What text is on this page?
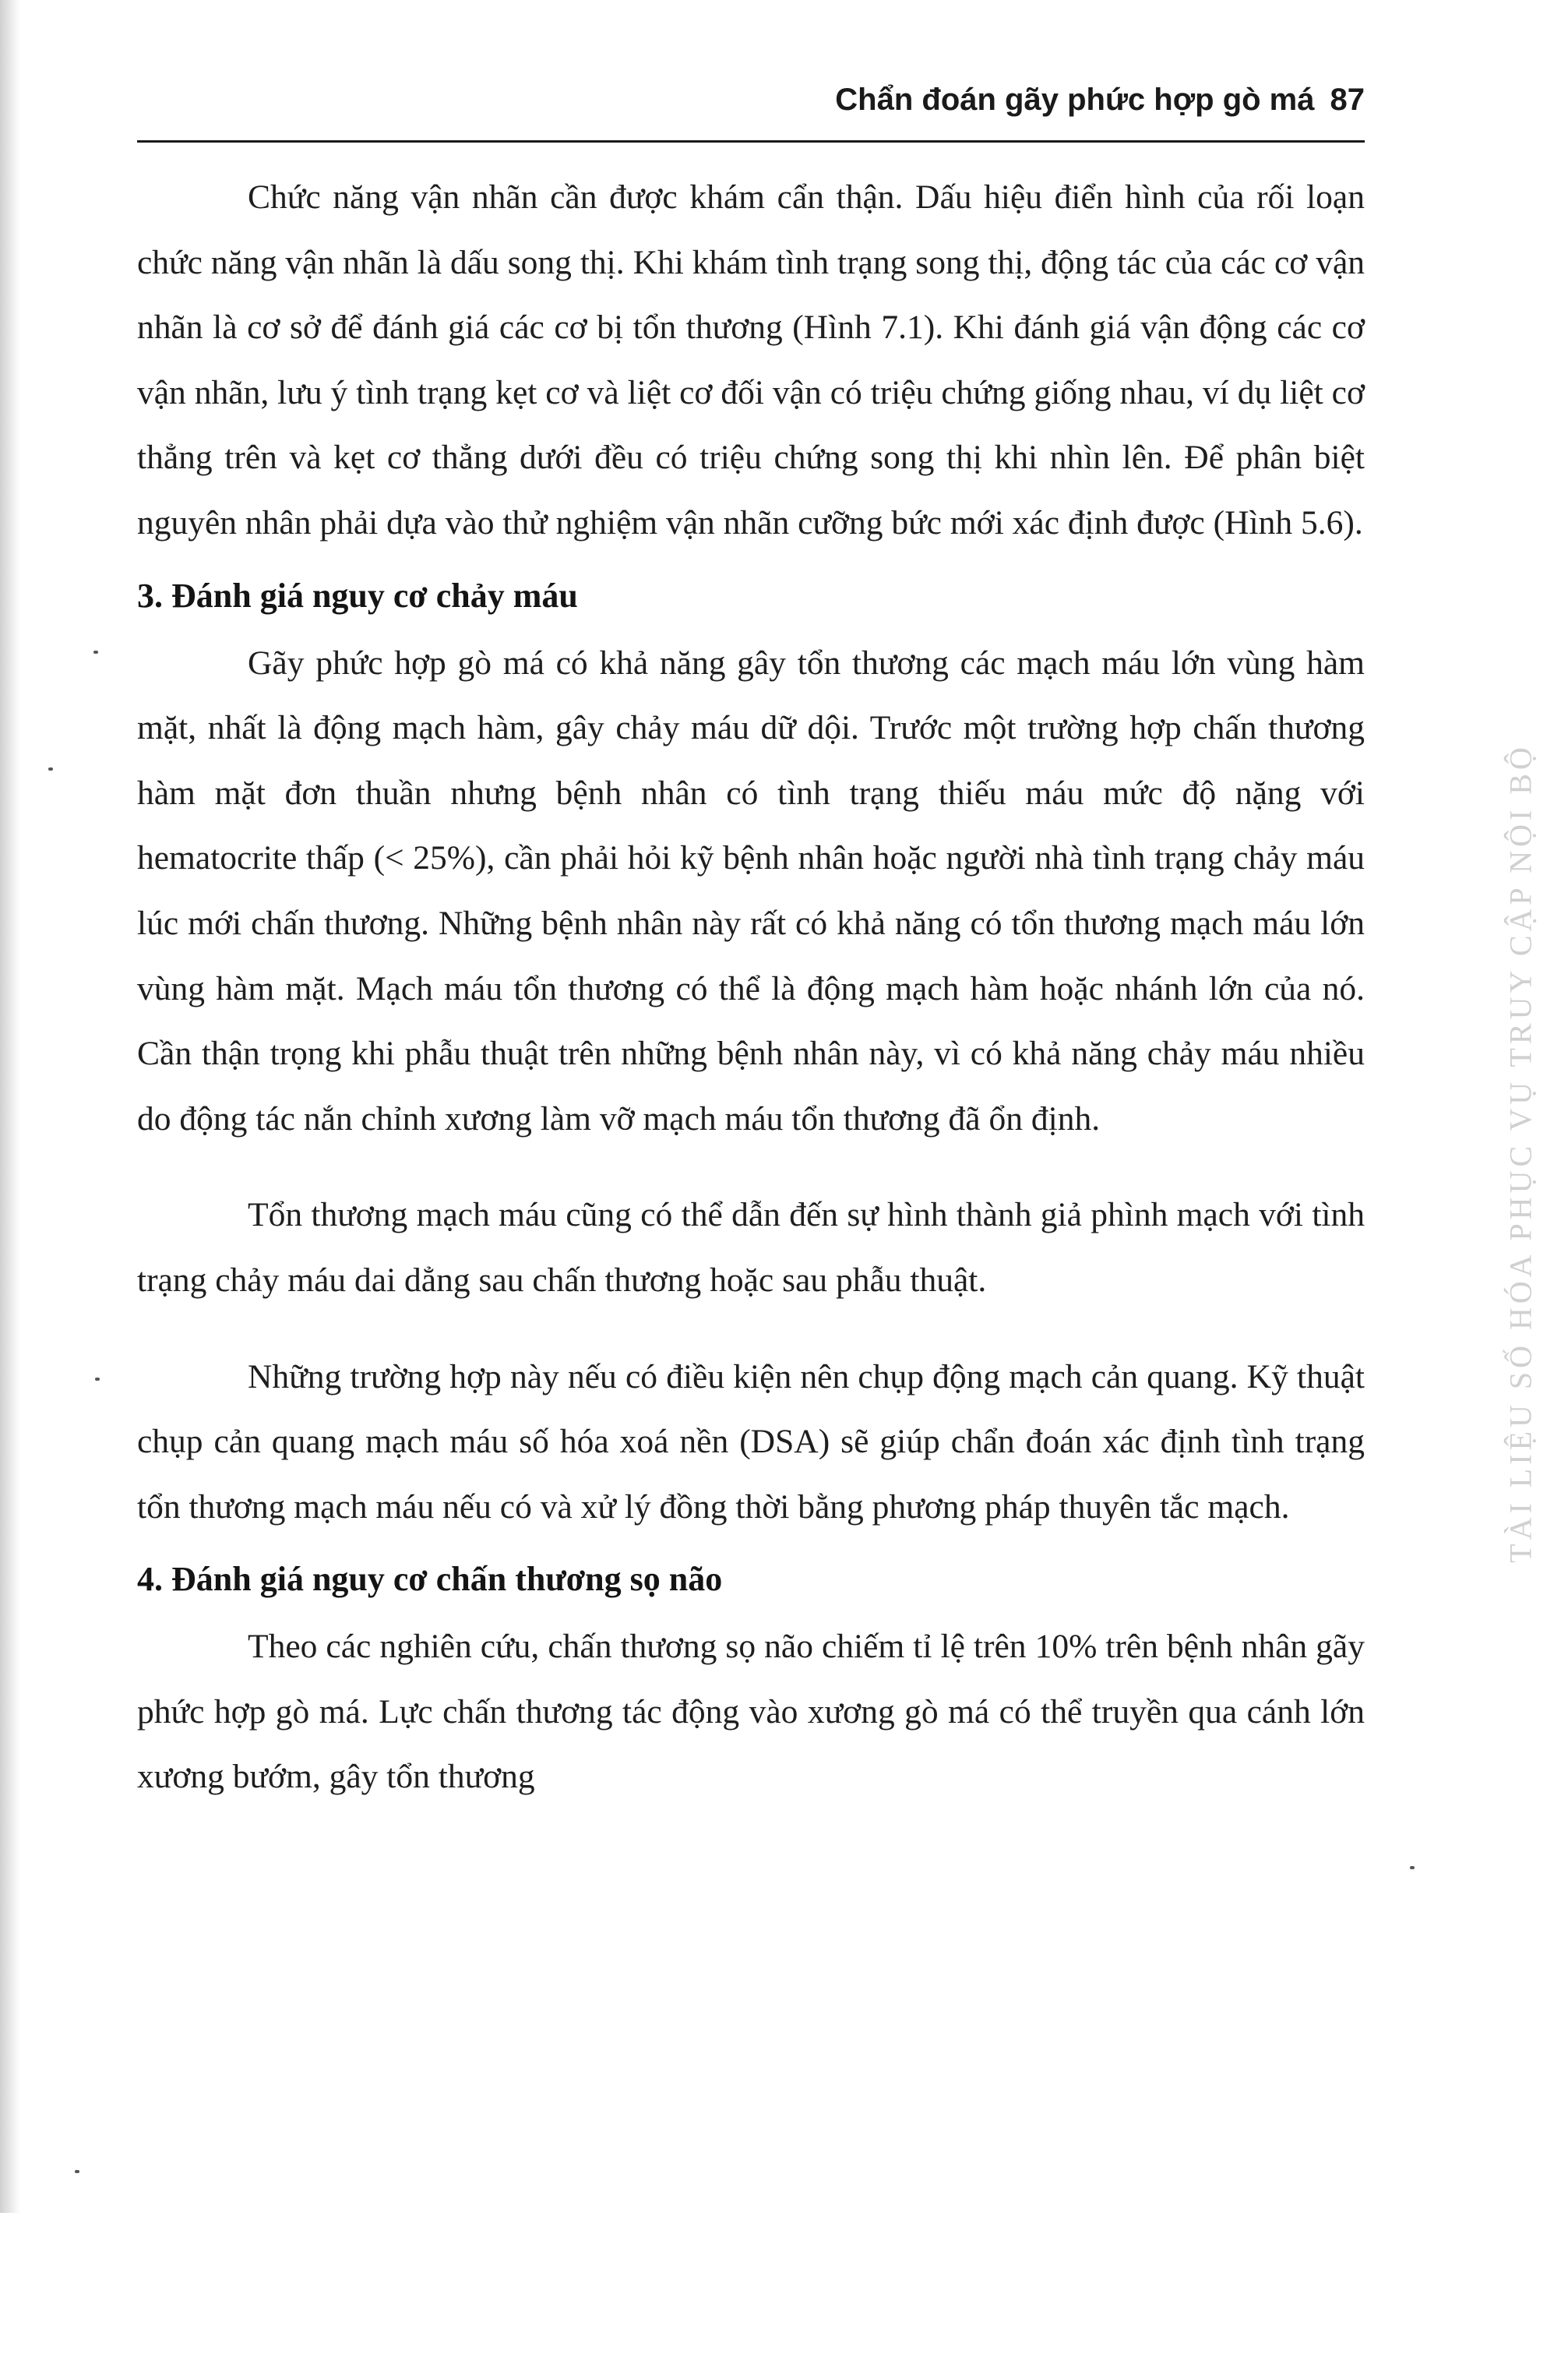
Chẩn đoán gãy phức hợp gò má 87

Chức năng vận nhãn cần được khám cẩn thận. Dấu hiệu điển hình của rối loạn chức năng vận nhãn là dấu song thị. Khi khám tình trạng song thị, động tác của các cơ vận nhãn là cơ sở để đánh giá các cơ bị tổn thương (Hình 7.1). Khi đánh giá vận động các cơ vận nhãn, lưu ý tình trạng kẹt cơ và liệt cơ đối vận có triệu chứng giống nhau, ví dụ liệt cơ thẳng trên và kẹt cơ thẳng dưới đều có triệu chứng song thị khi nhìn lên. Để phân biệt nguyên nhân phải dựa vào thử nghiệm vận nhãn cưỡng bức mới xác định được (Hình 5.6).

3. Đánh giá nguy cơ chảy máu

Gãy phức hợp gò má có khả năng gây tổn thương các mạch máu lớn vùng hàm mặt, nhất là động mạch hàm, gây chảy máu dữ dội. Trước một trường hợp chấn thương hàm mặt đơn thuần nhưng bệnh nhân có tình trạng thiếu máu mức độ nặng với hematocrite thấp (< 25%), cần phải hỏi kỹ bệnh nhân hoặc người nhà tình trạng chảy máu lúc mới chấn thương. Những bệnh nhân này rất có khả năng có tổn thương mạch máu lớn vùng hàm mặt. Mạch máu tổn thương có thể là động mạch hàm hoặc nhánh lớn của nó. Cần thận trọng khi phẫu thuật trên những bệnh nhân này, vì có khả năng chảy máu nhiều do động tác nắn chỉnh xương làm vỡ mạch máu tổn thương đã ổn định.

Tổn thương mạch máu cũng có thể dẫn đến sự hình thành giả phình mạch với tình trạng chảy máu dai dẳng sau chấn thương hoặc sau phẫu thuật.

Những trường hợp này nếu có điều kiện nên chụp động mạch cản quang. Kỹ thuật chụp cản quang mạch máu số hóa xoá nền (DSA) sẽ giúp chẩn đoán xác định tình trạng tổn thương mạch máu nếu có và xử lý đồng thời bằng phương pháp thuyên tắc mạch.

4. Đánh giá nguy cơ chấn thương sọ não

Theo các nghiên cứu, chấn thương sọ não chiếm tỉ lệ trên 10% trên bệnh nhân gãy phức hợp gò má. Lực chấn thương tác động vào xương gò má có thể truyền qua cánh lớn xương bướm, gây tổn thương

TÀI LIỆU SỐ HÓA PHỤC VỤ TRUY CẬP NỘI BỘ
